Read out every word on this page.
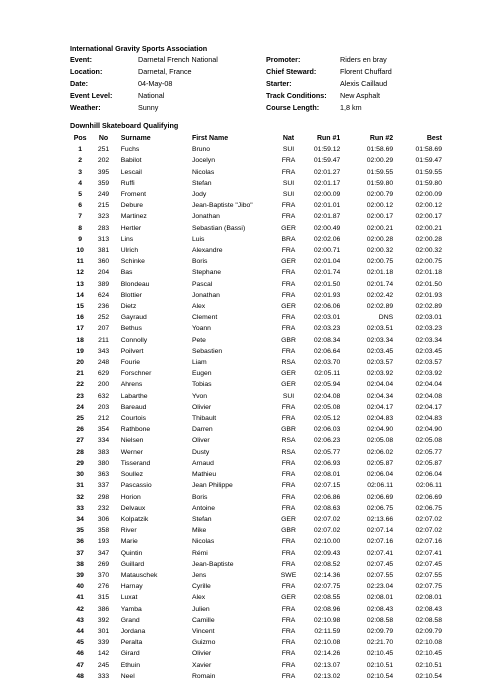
International Gravity Sports Association
Event:	Darnetal French National	Promoter:	Riders en bray
Location:	Darnetal, France	Chief Steward:	Florent Chuffard
Date:	04-May-08	Starter:	Alexis Caillaud
Event Level:	National	Track Conditions: New Asphalt
Weather:	Sunny	Course Length:	1,8 km
Downhill Skateboard Qualifying
Pos	No	Surname	First Name	Nat	Run #1	Run #2	Best
1	251	Fuchs	Bruno	SUI	01:59.12	01:58.69	01:58.69
2	202	Babilot	Jocelyn	FRA	01:59.47	02:00.29	01:59.47
3	395	Lescail	Nicolas	FRA	02:01.27	01:59.55	01:59.55
4	359	Ruffi	Stefan	SUI	02:01.17	01:59.80	01:59.80
5	249	Froment	Jody	SUI	02:00.09	02:00.79	02:00.09
6	215	Debure	Jean-Baptiste "Jibo"	FRA	02:01.01	02:00.12	02:00.12
7	323	Martinez	Jonathan	FRA	02:01.87	02:00.17	02:00.17
8	283	Hertler	Sebastian (Bassi)	GER	02:00.49	02:00.21	02:00.21
9	313	Lins	Luis	BRA	02:02.06	02:00.28	02:00.28
10	381	Ulrich	Alexandre	FRA	02:00.71	02:00.32	02:00.32
11	360	Schinke	Boris	GER	02:01.04	02:00.75	02:00.75
12	204	Bas	Stephane	FRA	02:01.74	02:01.18	02:01.18
13	389	Blondeau	Pascal	FRA	02:01.50	02:01.74	02:01.50
14	624	Blottier	Jonathan	FRA	02:01.93	02:02.42	02:01.93
15	236	Dietz	Alex	GER	02:06.06	02:02.89	02:02.89
16	252	Gayraud	Clement	FRA	02:03.01	DNS	02:03.01
17	207	Bethus	Yoann	FRA	02:03.23	02:03.51	02:03.23
18	211	Connolly	Pete	GBR	02:08.34	02:03.34	02:03.34
19	343	Poilvert	Sebastien	FRA	02:06.64	02:03.45	02:03.45
20	248	Fourie	Liam	RSA	02:03.70	02:03.57	02:03.57
21	629	Forschner	Eugen	GER	02:05.11	02:03.92	02:03.92
22	200	Ahrens	Tobias	GER	02:05.94	02:04.04	02:04.04
23	632	Labarthe	Yvon	SUI	02:04.08	02:04.34	02:04.08
24	203	Bareaud	Olivier	FRA	02:05.08	02:04.17	02:04.17
25	212	Courtois	Thibault	FRA	02:05.12	02:04.83	02:04.83
26	354	Rathbone	Darren	GBR	02:06.03	02:04.90	02:04.90
27	334	Nielsen	Oliver	RSA	02:06.23	02:05.08	02:05.08
28	383	Werner	Dusty	RSA	02:05.77	02:06.02	02:05.77
29	380	Tisserand	Arnaud	FRA	02:06.93	02:05.87	02:05.87
30	363	Soullez	Mathieu	FRA	02:08.01	02:06.04	02:06.04
31	337	Pascassio	Jean Philippe	FRA	02:07.15	02:06.11	02:06.11
32	298	Horion	Boris	FRA	02:06.86	02:06.69	02:06.69
33	232	Delvaux	Antoine	FRA	02:08.63	02:06.75	02:06.75
34	306	Kolpatzik	Stefan	GER	02:07.02	02:13.66	02:07.02
35	358	River	Mike	GBR	02:07.02	02:07.14	02:07.02
36	193	Marie	Nicolas	FRA	02:10.00	02:07.16	02:07.16
37	347	Quintin	Rémi	FRA	02:09.43	02:07.41	02:07.41
38	269	Guillard	Jean-Baptiste	FRA	02:08.52	02:07.45	02:07.45
39	370	Matauschek	Jens	SWE	02:14.36	02:07.55	02:07.55
40	276	Harnay	Cyrille	FRA	02:07.75	02:23.04	02:07.75
41	315	Luxat	Alex	GER	02:08.55	02:08.01	02:08.01
42	386	Yamba	Julien	FRA	02:08.96	02:08.43	02:08.43
43	392	Grand	Camille	FRA	02:10.98	02:08.58	02:08.58
44	301	Jordana	Vincent	FRA	02:11.59	02:09.79	02:09.79
45	339	Peralta	Guizmo	FRA	02:10.08	02:21.70	02:10.08
46	142	Girard	Olivier	FRA	02:14.26	02:10.45	02:10.45
47	245	Ethuin	Xavier	FRA	02:13.07	02:10.51	02:10.51
48	333	Neel	Romain	FRA	02:13.02	02:10.54	02:10.54
